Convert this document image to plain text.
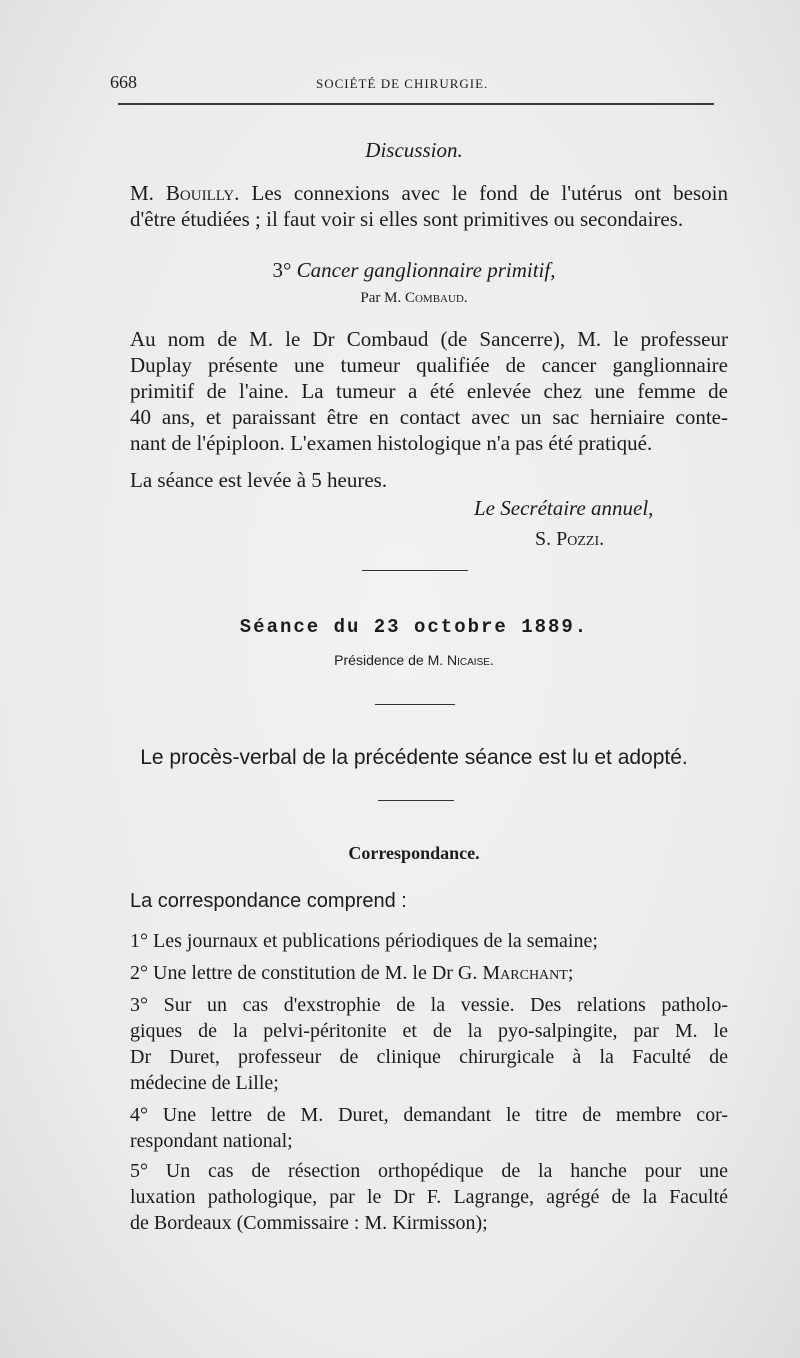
668	SOCIÉTÉ DE CHIRURGIE.
Discussion.
M. Bouilly. Les connexions avec le fond de l'utérus ont besoin
d'être étudiées ; il faut voir si elles sont primitives ou secondaires.
3° Cancer ganglionnaire primitif,
Par M. Combaud.
Au nom de M. le Dr Combaud (de Sancerre), M. le professeur
Duplay présente une tumeur qualifiée de cancer ganglionnaire
primitif de l'aine. La tumeur a été enlevée chez une femme de
40 ans, et paraissant être en contact avec un sac herniaire conte-
nant de l'épiploon. L'examen histologique n'a pas été pratiqué.
La séance est levée à 5 heures.
Le Secrétaire annuel,
S. Pozzi.
Séance du 23 octobre 1889.
Présidence de M. Nicaise.
Le procès-verbal de la précédente séance est lu et adopté.
Correspondance.
La correspondance comprend :
1° Les journaux et publications périodiques de la semaine;
2° Une lettre de constitution de M. le Dr G. Marchant;
3° Sur un cas d'exstrophie de la vessie. Des relations patholo-
giques de la pelvi-péritonite et de la pyo-salpingite, par M. le
Dr Duret, professeur de clinique chirurgicale à la Faculté de
médecine de Lille;
4° Une lettre de M. Duret, demandant le titre de membre cor-
respondant national;
5° Un cas de résection orthopédique de la hanche pour une
luxation pathologique, par le Dr F. Lagrange, agrégé de la Faculté
de Bordeaux (Commissaire : M. Kirmisson);
